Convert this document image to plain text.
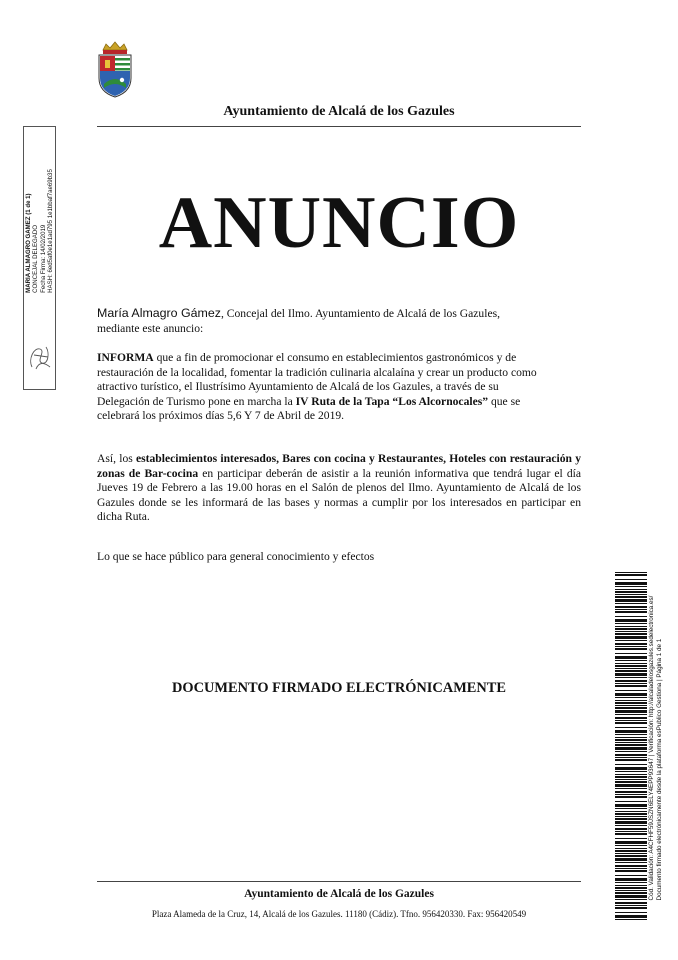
Ayuntamiento de Alcalá de los Gazules
ANUNCIO
María Almagro Gámez, Concejal del Ilmo. Ayuntamiento de Alcalá de los Gazules,
mediante este anuncio:
INFORMA que a fin de promocionar el consumo en establecimientos gastronómicos y de
restauración de la localidad, fomentar la tradición culinaria alcalaína y crear un producto como
atractivo turístico, el Ilustrísimo Ayuntamiento de Alcalá de los Gazules, a través de su
Delegación de Turismo pone en marcha la IV Ruta de la Tapa “Los Alcornocales” que se
celebrará los próximos días 5,6 Y 7 de Abril de 2019.
Así, los establecimientos interesados, Bares con cocina y Restaurantes, Hoteles con restauración y zonas de Bar-cocina en participar deberán de asistir a la reunión informativa que tendrá lugar el día Jueves 19 de Febrero a las 19.00 horas en el Salón de plenos del Ilmo. Ayuntamiento de Alcalá de los Gazules donde se les informará de las bases y normas a cumplir por los interesados en participar en dicha Ruta.
Lo que se hace público para general conocimiento y efectos
DOCUMENTO FIRMADO ELECTRÓNICAMENTE
Ayuntamiento de Alcalá de los Gazules
Plaza Alameda de la Cruz, 14, Alcalá de los Gazules. 11180 (Cádiz). Tfno. 956420330. Fax: 956420549
MARIA ALMAGRO GAMEZ (1 de 1) CONCEJAL DELEGADO Fecha Firma: 14/02/2019 HASH: 6ed5af0e1e1ad795 1e1bbaf7ae69b35
Cód. Validación: A4CFHF59JSZN6ELY4EPP93647 | Verificación: http://alcaladelosgazules.sedelectronica.es/ Documento firmado electrónicamente desde la plataforma esPublico Gestiona | Página 1 de 1
